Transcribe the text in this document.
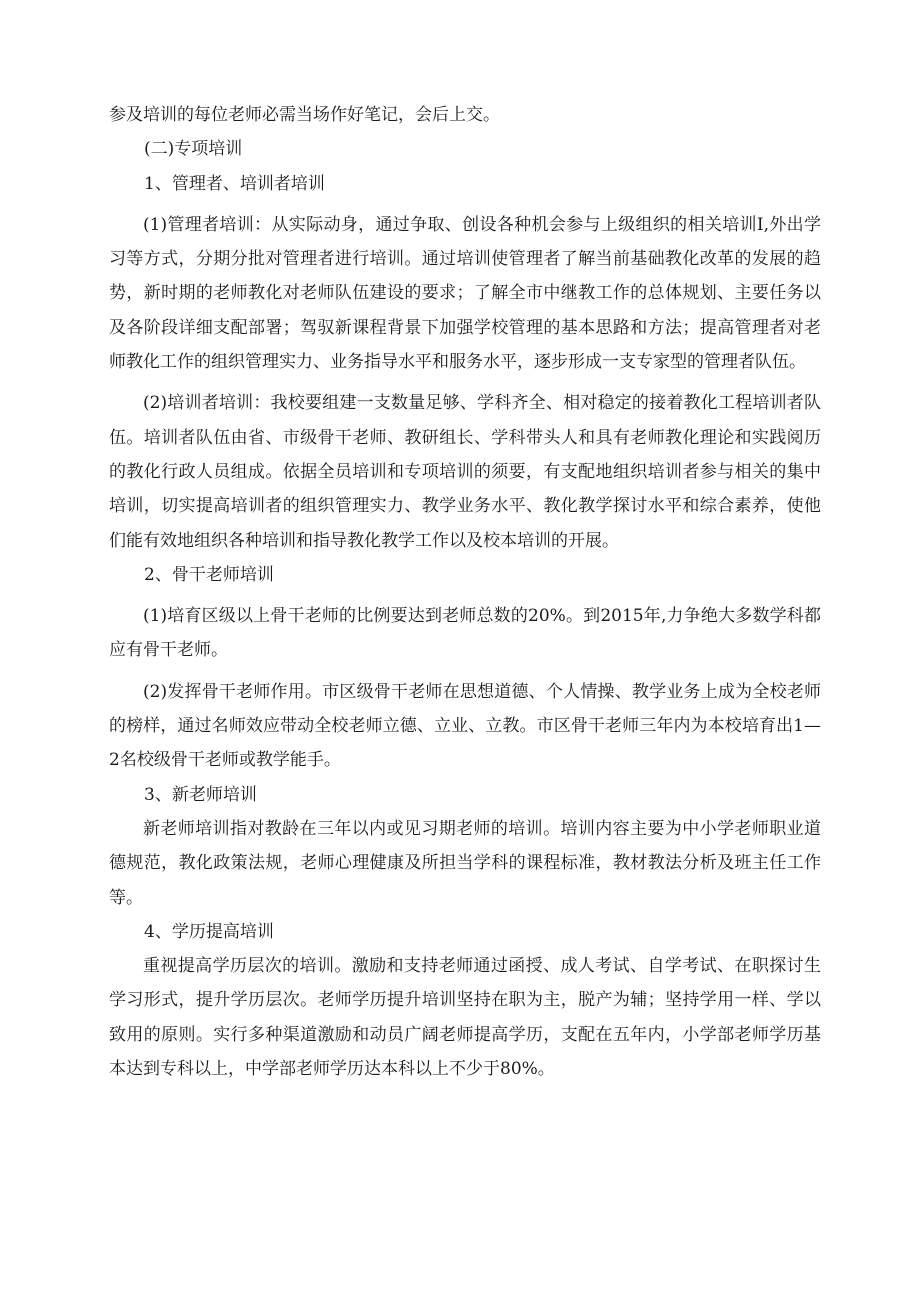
参及培训的每位老师必需当场作好笔记，会后上交。

(二)专项培训

1、管理者、培训者培训

(1)管理者培训：从实际动身，通过争取、创设各种机会参与上级组织的相关培训I,外出学习等方式，分期分批对管理者进行培训。通过培训使管理者了解当前基础教化改革的发展的趋势，新时期的老师教化对老师队伍建设的要求；了解全市中继教工作的总体规划、主要任务以及各阶段详细支配部署；驾驭新课程背景下加强学校管理的基本思路和方法；提高管理者对老师教化工作的组织管理实力、业务指导水平和服务水平，逐步形成一支专家型的管理者队伍。

(2)培训者培训：我校要组建一支数量足够、学科齐全、相对稳定的接着教化工程培训者队伍。培训者队伍由省、市级骨干老师、教研组长、学科带头人和具有老师教化理论和实践阅历的教化行政人员组成。依据全员培训和专项培训的须要，有支配地组织培训者参与相关的集中培训，切实提高培训者的组织管理实力、教学业务水平、教化教学探讨水平和综合素养，使他们能有效地组织各种培训和指导教化教学工作以及校本培训的开展。

2、骨干老师培训

(1)培育区级以上骨干老师的比例要达到老师总数的20%。到2015年,力争绝大多数学科都应有骨干老师。

(2)发挥骨干老师作用。市区级骨干老师在思想道德、个人情操、教学业务上成为全校老师的榜样，通过名师效应带动全校老师立德、立业、立教。市区骨干老师三年内为本校培育出1—2名校级骨干老师或教学能手。

3、新老师培训

新老师培训指对教龄在三年以内或见习期老师的培训。培训内容主要为中小学老师职业道德规范，教化政策法规，老师心理健康及所担当学科的课程标准，教材教法分析及班主任工作等。

4、学历提高培训

重视提高学历层次的培训。激励和支持老师通过函授、成人考试、自学考试、在职探讨生学习形式，提升学历层次。老师学历提升培训坚持在职为主，脱产为辅；坚持学用一样、学以致用的原则。实行多种渠道激励和动员广阔老师提高学历，支配在五年内，小学部老师学历基本达到专科以上，中学部老师学历达本科以上不少于80%。
